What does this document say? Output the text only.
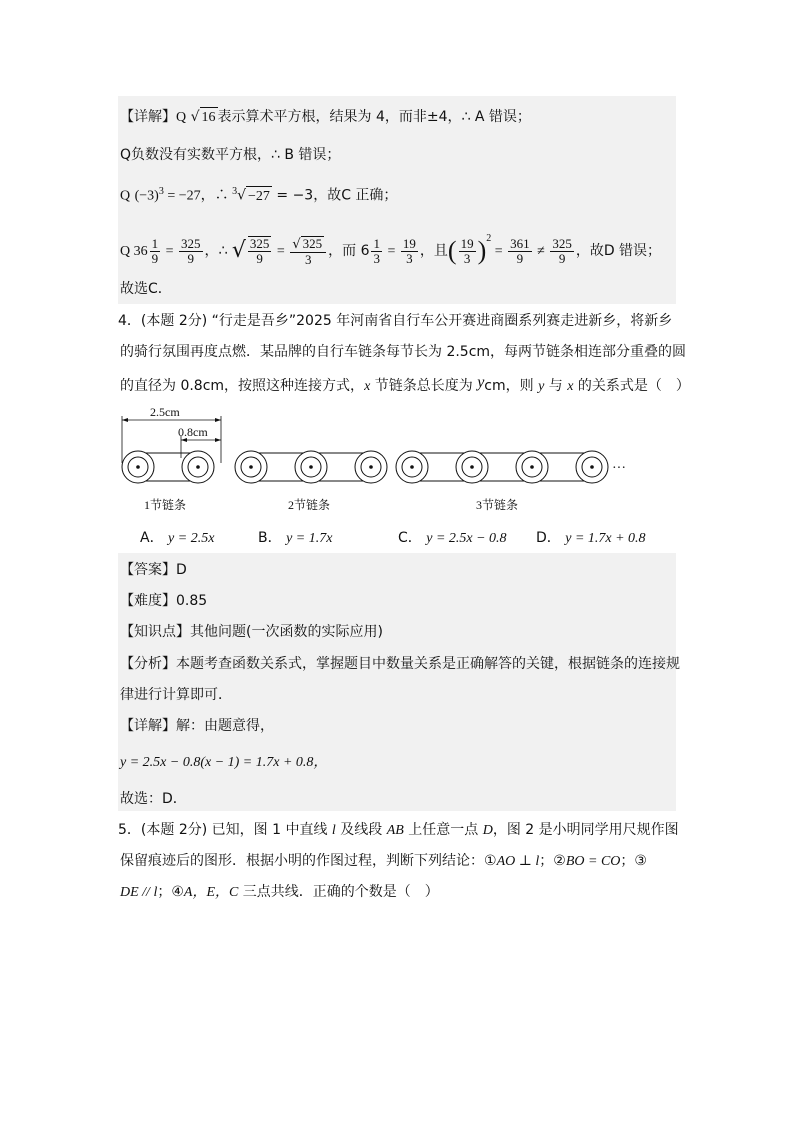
【详解】Q √ 16 表示算术平方根，结果为 4，而非±4，∴ A 错误；
Q负数没有实数平方根，∴ B 错误；
Q $(-3)^3 = -27$，∴ $^3$√ −27 = −3，故C 正确；
Q $36 \frac{1}{9} = \frac{325}{9}$ ，∴ √ $\frac{325}{9} = \frac{√ 325}{3}$ ，而 $6 \frac{1}{3} = \frac{19}{3}$ ，且( $\frac{19}{3} )^2 = \frac{361}{9} \ne \frac{325}{9}$ ，故D 错误；
故选C．
4．(本题 2分) “行走是吾乡”2025 年河南省自行车公开赛进商圈系列赛走进新乡，将新乡
的骑行氛围再度点燃．某品牌的自行车链条每节长为 2.5cm，每两节链条相连部分重叠的圆
的直径为 0.8cm，按照这种连接方式，x 节链条总长度为 ycm，则 y 与 x 的关系式是（　）
2.5cm
0.8cm
···
1节链条	2节链条	3节链条
A． y = 2.5x	B． y = 1.7x	C． y = 2.5x − 0.8 D． y = 1.7x + 0.8
【答案】D
【难度】0.85
【知识点】其他问题(一次函数的实际应用)
【分析】本题考查函数关系式，掌握题目中数量关系是正确解答的关键，根据链条的连接规
律进行计算即可．
【详解】解：由题意得，
y = 2.5x − 0.8(x − 1) = 1.7x + 0.8，
故选：D．
5．(本题 2分) 已知，图 1 中直线 l 及线段 AB 上任意一点 D，图 2 是小明同学用尺规作图
保留痕迹后的图形．根据小明的作图过程，判断下列结论：①AO ⊥ l；②BO = CO；③
DE // l；④A，E，C 三点共线．正确的个数是（　）
